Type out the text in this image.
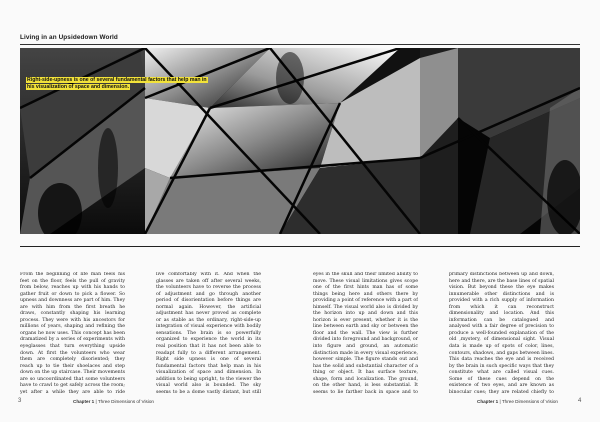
Living in an Upsidedown World
Right-side-upness is one of several fundamental factors that help man in his visualization of space and dimension.

From the beginning of life man feels his feet on the floor, feels the pull of gravity from below, reaches up with his hands to gather fruit or down to pick a flower. So upness and downness are part of him. They are with him from the first breath he draws, constantly shaping his learning process. They were with his ancestors for millions of years, shaping and refining the organs he now uses. This concept has been dramatized by a series of experiments with eyeglasses that turn everything upside down. At first the volunteers who wear them are completely disoriented; they reach up to tie their shoelaces and step down on the up staircase. Their movements are so uncoordinated that some volunteers have to crawl to get safely across the room; yet after a while they are able to ride

live comfortably with it. And when the glasses are taken off after several weeks, the volunteers have to reverse the process of adjustment and go through another period of disorientation before things are normal again. However, the artificial adjustment has never proved as complete or as stable as the ordinary, right-side-up integration of visual experience with bodily sensations. The brain is so powerfully organized to experience the world in its real position that it has not been able to readapt fully to a different arrangement. Right side upness is one of several fundamental factors that help man in his visualization of space and dimension. In addition to being upright, to the viewer the visual world also is bounded. The sky seems to be a dome vastly distant, but still

eyes in the skull and their limited ability to move. These visual limitations gives scope one of the first hints man has of some things being here and others there by providing a point of reference with a part of himself. The visual world also is divided by the horizon into up and down and this horizon is ever present, whether it is the line between earth and sky or between the floor and the wall. The view is further divided into foreground and background, or into figure and ground, an automatic distinction made in every visual experience, however simple. The figure stands out and has the solid and substantial character of a thing or object. It has surface texture, shape, form and localization. The ground, on the other hand, is less substantial. It seems to lie farther back in space and to

primary distinctions between up and down, here and there, are the base lines of spatial vision. But beyond these the eye makes innumerable other distinctions and is provided with a rich supply of information from which it can reconstruct dimensionality and location. And this information can be catalogued and analysed with a fair degree of precision to produce a well-founded explanation of the old ,mystery, of dimensional sight. Visual data is made up of spots of color, lines, contours, shadows, and gaps between lines. This data reaches the eye and is received by the brain in such specific ways that they constitute what are called visual cues. Some of these cues depend on the existence of two eyes, and are known as binocular cues; they are related chiefly to

3	Chapter 1 | Three Dimensions of Vision	Chapter 1 | Three Dimensions of Vision	4
